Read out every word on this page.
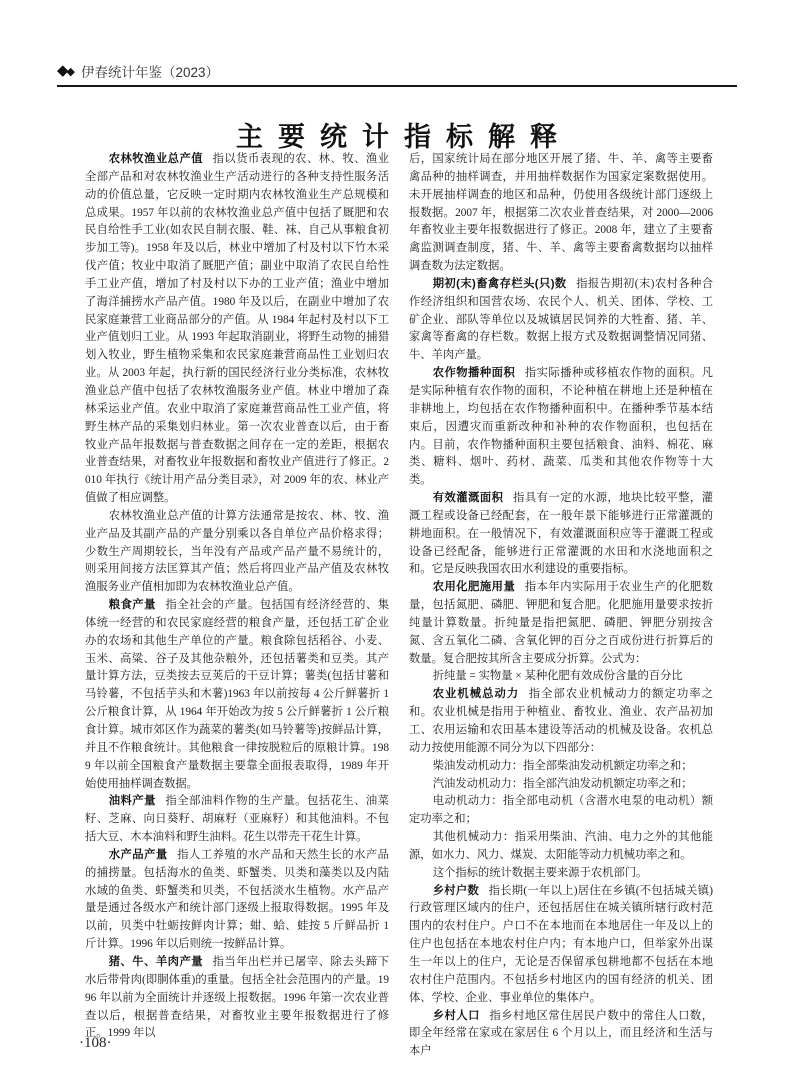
◆◆ 伊春统计年鉴（2023）
主要统计指标解释

农林牧渔业总产值 指以货币表现的农、林、牧、渔业全部产品和对农林牧渔业生产活动进行的各种支持性服务活动的价值总量，它反映一定时期内农林牧渔业生产总规模和总成果。1957 年以前的农林牧渔业总产值中包括了厩肥和农民自给性手工业(如农民自制衣服、鞋、袜、自己从事粮食初步加工等)。1958 年及以后，林业中增加了村及村以下竹木采伐产值；牧业中取消了厩肥产值；副业中取消了农民自给性手工业产值，增加了村及村以下办的工业产值；渔业中增加了海洋捕捞水产品产值。1980 年及以后，在副业中增加了农民家庭兼营工业商品部分的产值。从 1984 年起村及村以下工业产值划归工业。从 1993 年起取消副业，将野生动物的捕猎划入牧业，野生植物采集和农民家庭兼营商品性工业划归农业。从 2003 年起，执行新的国民经济行业分类标准，农林牧渔业总产值中包括了农林牧渔服务业产值。林业中增加了森林采运业产值。农业中取消了家庭兼营商品性工业产值，将野生林产品的采集划归林业。第一次农业普查以后，由于畜牧业产品年报数据与普查数据之间存在一定的差距，根据农业普查结果，对畜牧业年报数据和畜牧业产值进行了修正。2010 年执行《统计用产品分类目录》，对 2009 年的农、林业产值做了相应调整。

农林牧渔业总产值的计算方法通常是按农、林、牧、渔业产品及其副产品的产量分别乘以各自单位产品价格求得；少数生产周期较长，当年没有产品或产品产量不易统计的，则采用间接方法匡算其产值；然后将四业产品产值及农林牧渔服务业产值相加即为农林牧渔业总产值。

粮食产量 指全社会的产量。包括国有经济经营的、集体统一经营的和农民家庭经营的粮食产量，还包括工矿企业办的农场和其他生产单位的产量。粮食除包括稻谷、小麦、玉米、高粱、谷子及其他杂粮外，还包括薯类和豆类。其产量计算方法，豆类按去豆荚后的干豆计算；薯类(包括甘薯和马铃薯，不包括芋头和木薯)1963 年以前按每 4 公斤鲜薯折 1 公斤粮食计算，从 1964 年开始改为按 5 公斤鲜薯折 1 公斤粮食计算。城市郊区作为蔬菜的薯类(如马铃薯等)按鲜品计算，并且不作粮食统计。其他粮食一律按脱粒后的原粮计算。1989 年以前全国粮食产量数据主要靠全面报表取得，1989 年开始使用抽样调查数据。

油料产量 指全部油料作物的生产量。包括花生、油菜籽、芝麻、向日葵籽、胡麻籽（亚麻籽）和其他油料。不包括大豆、木本油料和野生油料。花生以带壳干花生计算。

水产品产量 指人工养殖的水产品和天然生长的水产品的捕捞量。包括海水的鱼类、虾蟹类、贝类和藻类以及内陆水域的鱼类、虾蟹类和贝类，不包括淡水生植物。水产品产量是通过各级水产和统计部门逐级上报取得数据。1995 年及以前，贝类中牡蛎按鲜肉计算；蚶、蛤、蛙按 5 斤鲜品折 1 斤计算。1996 年以后则统一按鲜品计算。

猪、牛、羊肉产量 指当年出栏并已屠宰、除去头蹄下水后带骨肉(即胴体重)的重量。包括全社会范围内的产量。1996 年以前为全面统计并逐级上报数据。1996 年第一次农业普查以后，根据普查结果，对畜牧业主要年报数据进行了修正。1999 年以

后，国家统计局在部分地区开展了猪、牛、羊、禽等主要畜禽品种的抽样调查，并用抽样数据作为国家定案数据使用。未开展抽样调查的地区和品种，仍使用各级统计部门逐级上报数据。2007 年，根据第二次农业普查结果，对 2000—2006 年畜牧业主要年报数据进行了修正。2008 年，建立了主要畜禽监测调查制度，猪、牛、羊、禽等主要畜禽数据均以抽样调查数为法定数据。

期初(末)畜禽存栏头(只)数 指报告期初(末)农村各种合作经济组织和国营农场、农民个人、机关、团体、学校、工矿企业、部队等单位以及城镇居民饲养的大牲畜、猪、羊、家禽等畜禽的存栏数。数据上报方式及数据调整情况同猪、牛、羊肉产量。

农作物播种面积 指实际播种或移植农作物的面积。凡是实际种植有农作物的面积，不论种植在耕地上还是种植在非耕地上，均包括在农作物播种面积中。在播种季节基本结束后，因遭灾而重新改种和补种的农作物面积，也包括在内。目前，农作物播种面积主要包括粮食、油料、棉花、麻类、糖料、烟叶、药材、蔬菜、瓜类和其他农作物等十大类。

有效灌溉面积 指具有一定的水源，地块比较平整，灌溉工程或设备已经配套，在一般年景下能够进行正常灌溉的耕地面积。在一般情况下，有效灌溉面积应等于灌溉工程或设备已经配备，能够进行正常灌溉的水田和水浇地面积之和。它是反映我国农田水利建设的重要指标。

农用化肥施用量 指本年内实际用于农业生产的化肥数量，包括氮肥、磷肥、钾肥和复合肥。化肥施用量要求按折纯量计算数量。折纯量是指把氮肥、磷肥、钾肥分别按含氮、含五氧化二磷、含氧化钾的百分之百成份进行折算后的数量。复合肥按其所含主要成分折算。公式为：

折纯量 = 实物量 × 某种化肥有效成份含量的百分比

农业机械总动力 指全部农业机械动力的额定功率之和。农业机械是指用于种植业、畜牧业、渔业、农产品初加工、农用运输和农田基本建设等活动的机械及设备。农机总动力按使用能源不同分为以下四部分：

柴油发动机动力：指全部柴油发动机额定功率之和；

汽油发动机动力：指全部汽油发动机额定功率之和；

电动机动力：指全部电动机（含潜水电泵的电动机）额定功率之和；

其他机械动力：指采用柴油、汽油、电力之外的其他能源，如水力、风力、煤炭、太阳能等动力机械功率之和。

这个指标的统计数据主要来源于农机部门。

乡村户数 指长期(一年以上)居住在乡镇(不包括城关镇)行政管理区域内的住户，还包括居住在城关镇所辖行政村范围内的农村住户。户口不在本地而在本地居住一年及以上的住户也包括在本地农村住户内；有本地户口，但举家外出谋生一年以上的住户，无论是否保留承包耕地都不包括在本地农村住户范围内。不包括乡村地区内的国有经济的机关、团体、学校、企业、事业单位的集体户。

乡村人口 指乡村地区常住居民户数中的常住人口数，即全年经常在家或在家居住 6 个月以上，而且经济和生活与本户

·108·
